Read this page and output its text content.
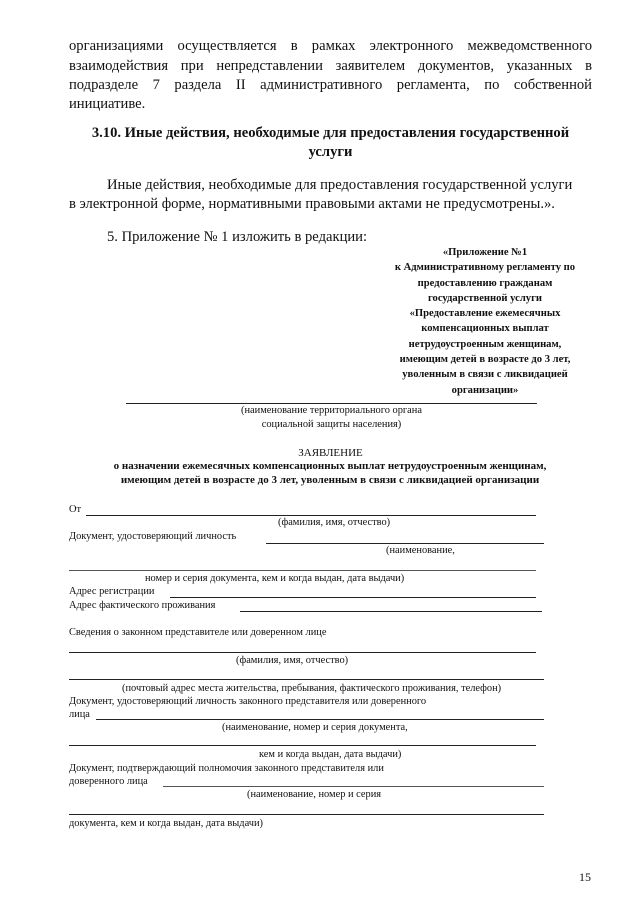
организациями осуществляется в рамках электронного межведомственного
взаимодействия при непредставлении заявителем документов, указанных в
подразделе 7 раздела II административного регламента, по собственной
инициативе.
3.10. Иные действия, необходимые для предоставления государственной
услуги
Иные действия, необходимые для предоставления государственной услуги
в электронной форме, нормативными правовыми актами не предусмотрены.».
5. Приложение № 1 изложить в редакции:
«Приложение №1
к Административному регламенту по
предоставлению гражданам
государственной услуги
«Предоставление ежемесячных
компенсационных выплат
нетрудоустроенным женщинам,
имеющим детей в возрасте до 3 лет,
уволенным в связи с ликвидацией
организации»
(наименование территориального органа
социальной защиты населения)
ЗАЯВЛЕНИЕ
о назначении ежемесячных компенсационных выплат нетрудоустроенным женщинам,
имеющим детей в возрасте до 3 лет, уволенным в связи с ликвидацией организации
От
(фамилия, имя, отчество)
Документ, удостоверяющий личность
(наименование,
номер и серия документа, кем и когда выдан, дата выдачи)
Адрес регистрации
Адрес фактического проживания
Сведения о законном представителе или доверенном лице
(фамилия, имя, отчество)
(почтовый адрес места жительства, пребывания, фактического проживания, телефон)
Документ, удостоверяющий личность законного представителя или доверенного
лица
(наименование, номер и серия документа,
кем и когда выдан, дата выдачи)
Документ, подтверждающий полномочия законного представителя или
доверенного лица
(наименование, номер и серия
документа, кем и когда выдан, дата выдачи)
15
